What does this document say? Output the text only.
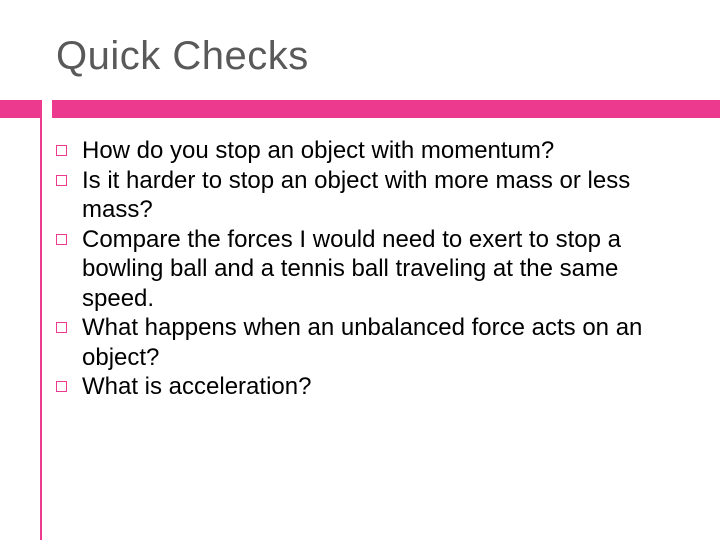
Quick Checks
How do you stop an object with momentum?
Is it harder to stop an object with more mass or less mass?
Compare the forces I would need to exert to stop a bowling ball and a tennis ball traveling at the same speed.
What happens when an unbalanced force acts on an object?
What is acceleration?
